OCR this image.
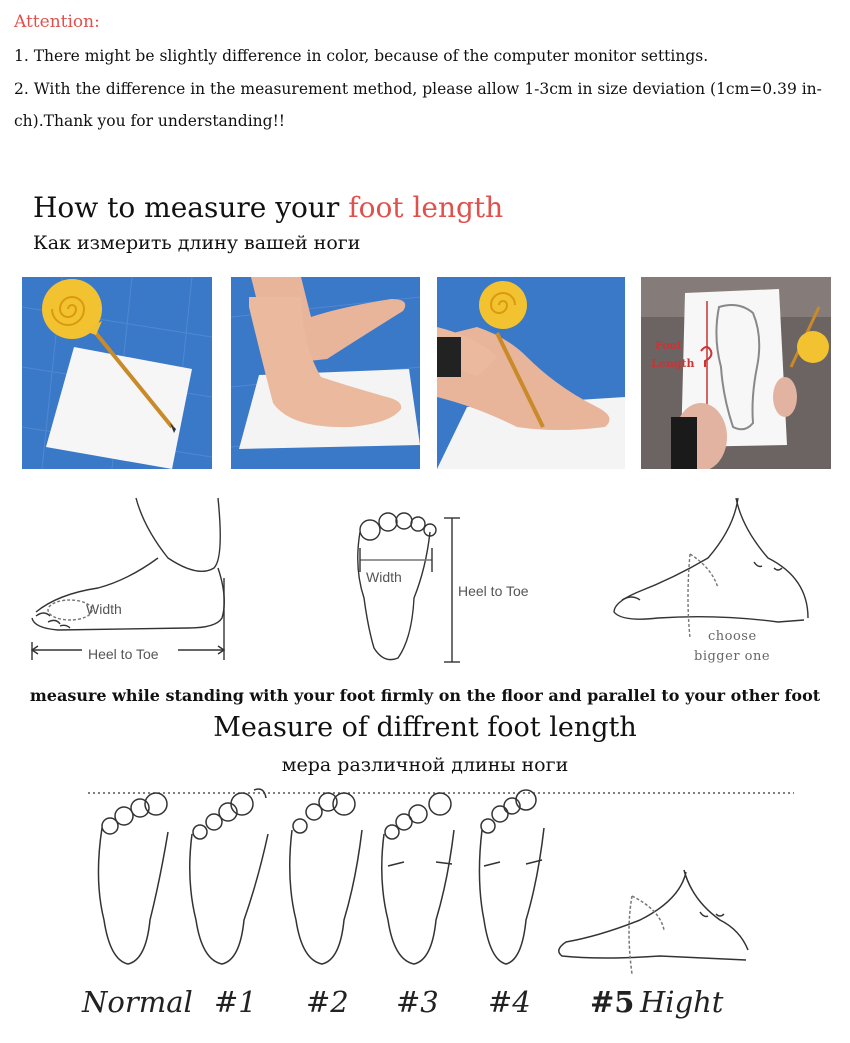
Attention:
1. There might be slightly difference in color, because of the computer monitor settings.
2. With the difference in the measurement method, please allow 1-3cm in size deviation (1cm=0.39 in-
ch).Thank you for understanding!!
How to measure your foot length
Как измерить длину вашей ноги
Foot
Length
Width
Heel to Toe
Width
Heel to Toe
choose
bigger one
measure while standing with your foot firmly on the floor and parallel to your other foot
Measure of diffrent foot length
мера различной длины ноги
Normal #1 #2 #3 #4 #5 Hight
